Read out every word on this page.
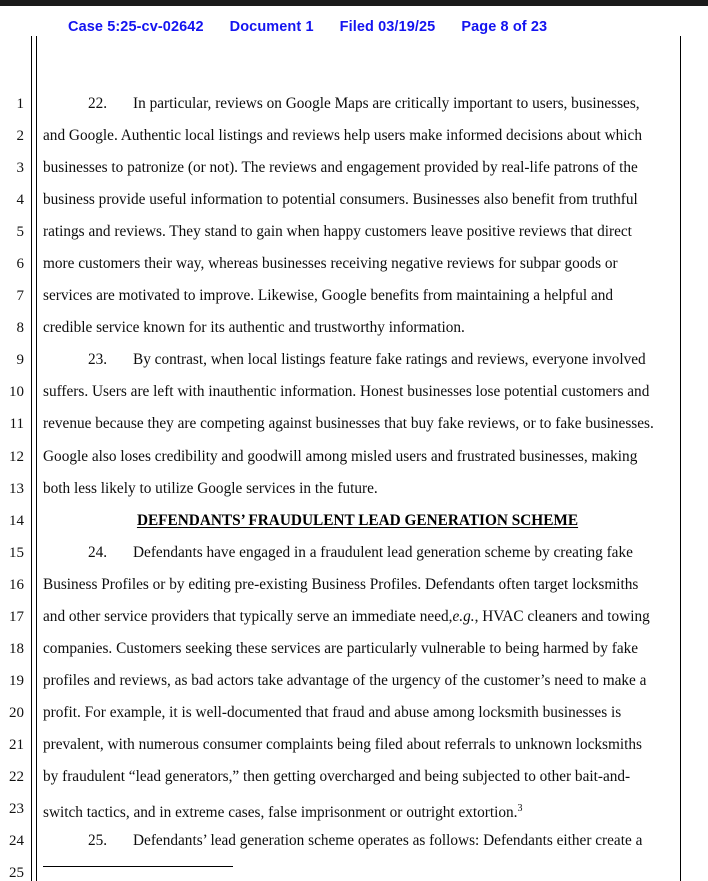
Case 5:25-cv-02642 Document 1 Filed 03/19/25 Page 8 of 23
1
2
3
4
5
6
7
8
9
10
11
12
13
14
15
16
17
18
19
20
21
22
23
24
25
22. In particular, reviews on Google Maps are critically important to users, businesses,
and Google. Authentic local listings and reviews help users make informed decisions about which
businesses to patronize (or not). The reviews and engagement provided by real-life patrons of the
business provide useful information to potential consumers. Businesses also benefit from truthful
ratings and reviews. They stand to gain when happy customers leave positive reviews that direct
more customers their way, whereas businesses receiving negative reviews for subpar goods or
services are motivated to improve. Likewise, Google benefits from maintaining a helpful and
credible service known for its authentic and trustworthy information.
23. By contrast, when local listings feature fake ratings and reviews, everyone involved
suffers. Users are left with inauthentic information. Honest businesses lose potential customers and
revenue because they are competing against businesses that buy fake reviews, or to fake businesses.
Google also loses credibility and goodwill among misled users and frustrated businesses, making
both less likely to utilize Google services in the future.
DEFENDANTS’ FRAUDULENT LEAD GENERATION SCHEME
24. Defendants have engaged in a fraudulent lead generation scheme by creating fake
Business Profiles or by editing pre-existing Business Profiles. Defendants often target locksmiths
and other service providers that typically serve an immediate need,e.g., HVAC cleaners and towing
companies. Customers seeking these services are particularly vulnerable to being harmed by fake
profiles and reviews, as bad actors take advantage of the urgency of the customer’s need to make a
profit. For example, it is well-documented that fraud and abuse among locksmith businesses is
prevalent, with numerous consumer complaints being filed about referrals to unknown locksmiths
by fraudulent “lead generators,” then getting overcharged and being subjected to other bait-and-
switch tactics, and in extreme cases, false imprisonment or outright extortion.$^3$
25. Defendants’ lead generation scheme operates as follows: Defendants either create a
